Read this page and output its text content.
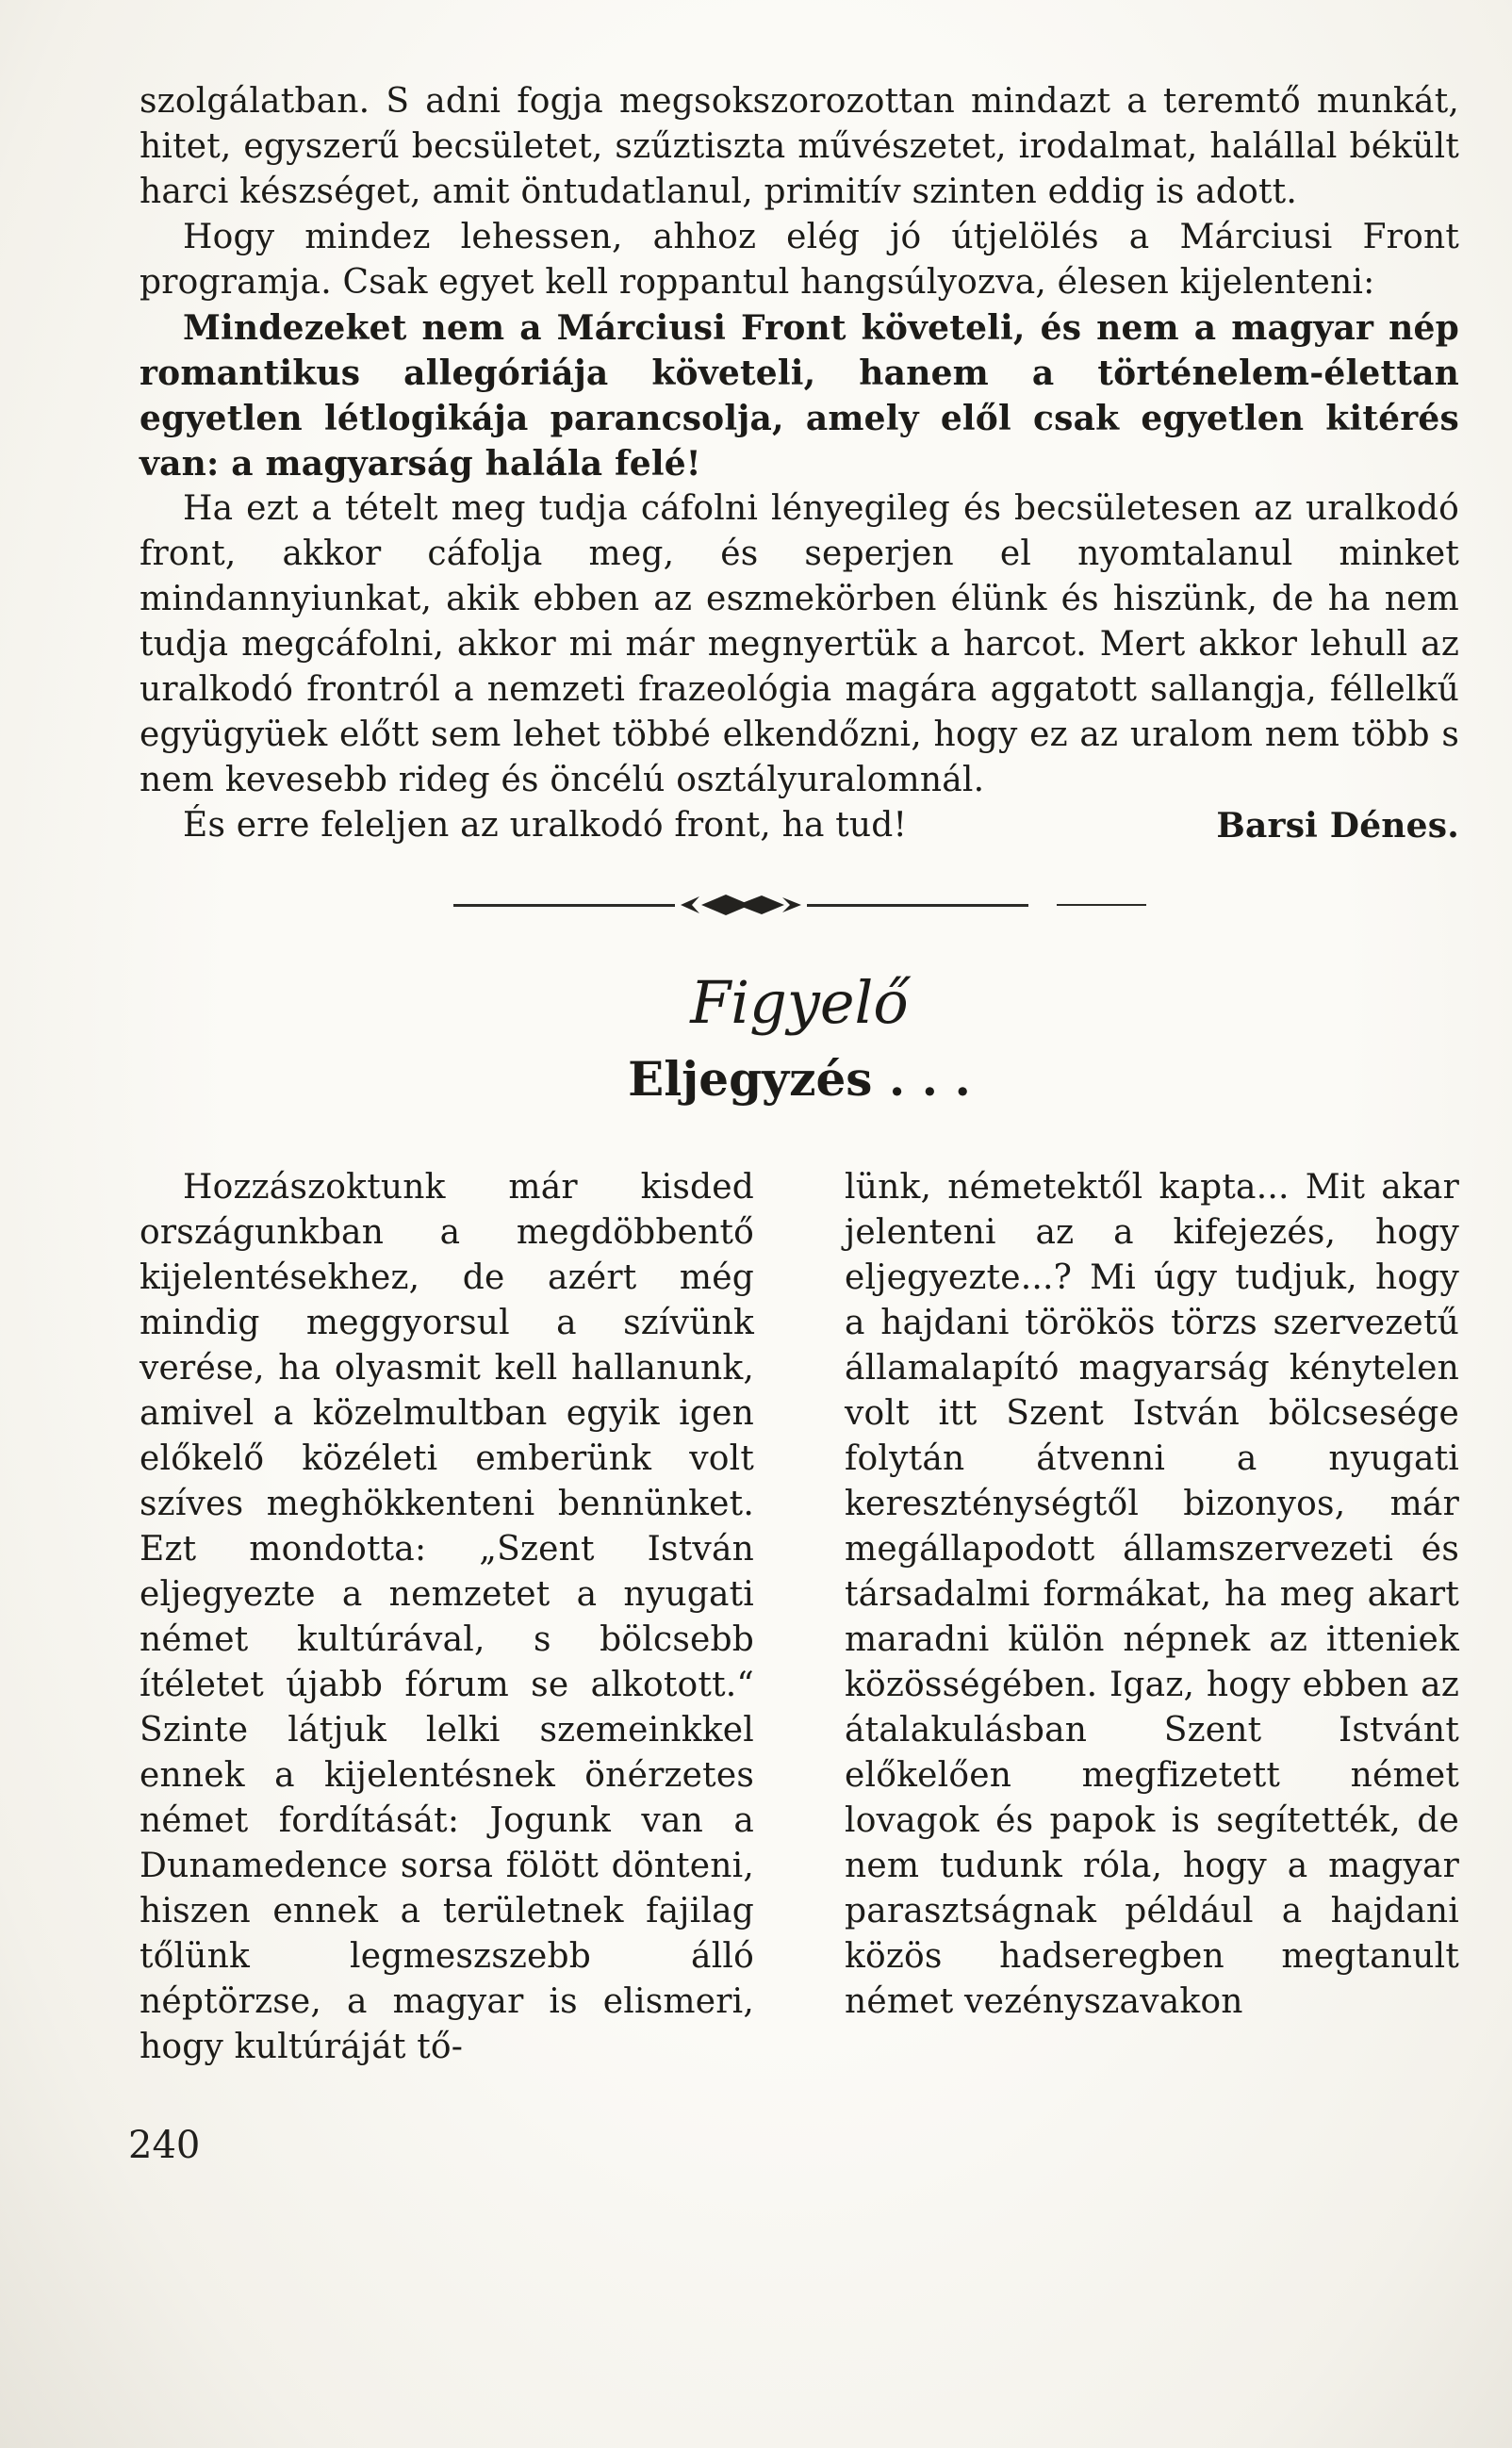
szolgálatban. S adni fogja megsokszorozottan mindazt a teremtő munkát, hitet, egyszerű becsületet, szűztiszta művészetet, irodalmat, halállal békült harci készséget, amit öntudatlanul, primitív szinten eddig is adott.

Hogy mindez lehessen, ahhoz elég jó útjelölés a Márciusi Front programja. Csak egyet kell roppantul hangsúlyozva, élesen kijelenteni:

Mindezeket nem a Márciusi Front követeli, és nem a magyar nép romantikus allegóriája követeli, hanem a történelem-élettan egyetlen létlogikája parancsolja, amely elől csak egyetlen kitérés van: a magyarság halála felé!

Ha ezt a tételt meg tudja cáfolni lényegileg és becsületesen az uralkodó front, akkor cáfolja meg, és seperjen el nyomtalanul minket mindannyiunkat, akik ebben az eszmekörben élünk és hiszünk, de ha nem tudja megcáfolni, akkor mi már megnyertük a harcot. Mert akkor lehull az uralkodó frontról a nemzeti frazeológia magára aggatott sallangja, féllelkű együgyüek előtt sem lehet többé elkendőzni, hogy ez az uralom nem több s nem kevesebb rideg és öncélú osztályuralomnál.

Barsi Dénes.
És erre feleljen az uralkodó front, ha tud!

Figyelő
Eljegyzés . . .

Hozzászoktunk már kisded országunkban a megdöbbentő kijelentésekhez, de azért még mindig meggyorsul a szívünk verése, ha olyasmit kell hallanunk, amivel a közelmultban egyik igen előkelő közéleti emberünk volt szíves meghökkenteni bennünket. Ezt mondotta: „Szent István eljegyezte a nemzetet a nyugati német kultúrával, s bölcsebb ítéletet újabb fórum se alkotott.“ Szinte látjuk lelki szemeinkkel ennek a kijelentésnek önérzetes német fordítását: Jogunk van a Dunamedence sorsa fölött dönteni, hiszen ennek a területnek fajilag tőlünk legmeszszebb álló néptörzse, a magyar is elismeri, hogy kultúráját tő-

lünk, németektől kapta... Mit akar jelenteni az a kifejezés, hogy eljegyezte...? Mi úgy tudjuk, hogy a hajdani törökös törzs szervezetű államalapító magyarság kénytelen volt itt Szent István bölcsesége folytán átvenni a nyugati kereszténységtől bizonyos, már megállapodott államszervezeti és társadalmi formákat, ha meg akart maradni külön népnek az itteniek közösségében. Igaz, hogy ebben az átalakulásban Szent Istvánt előkelően megfizetett német lovagok és papok is segítették, de nem tudunk róla, hogy a magyar parasztságnak például a hajdani közös hadseregben megtanult német vezényszavakon

240
